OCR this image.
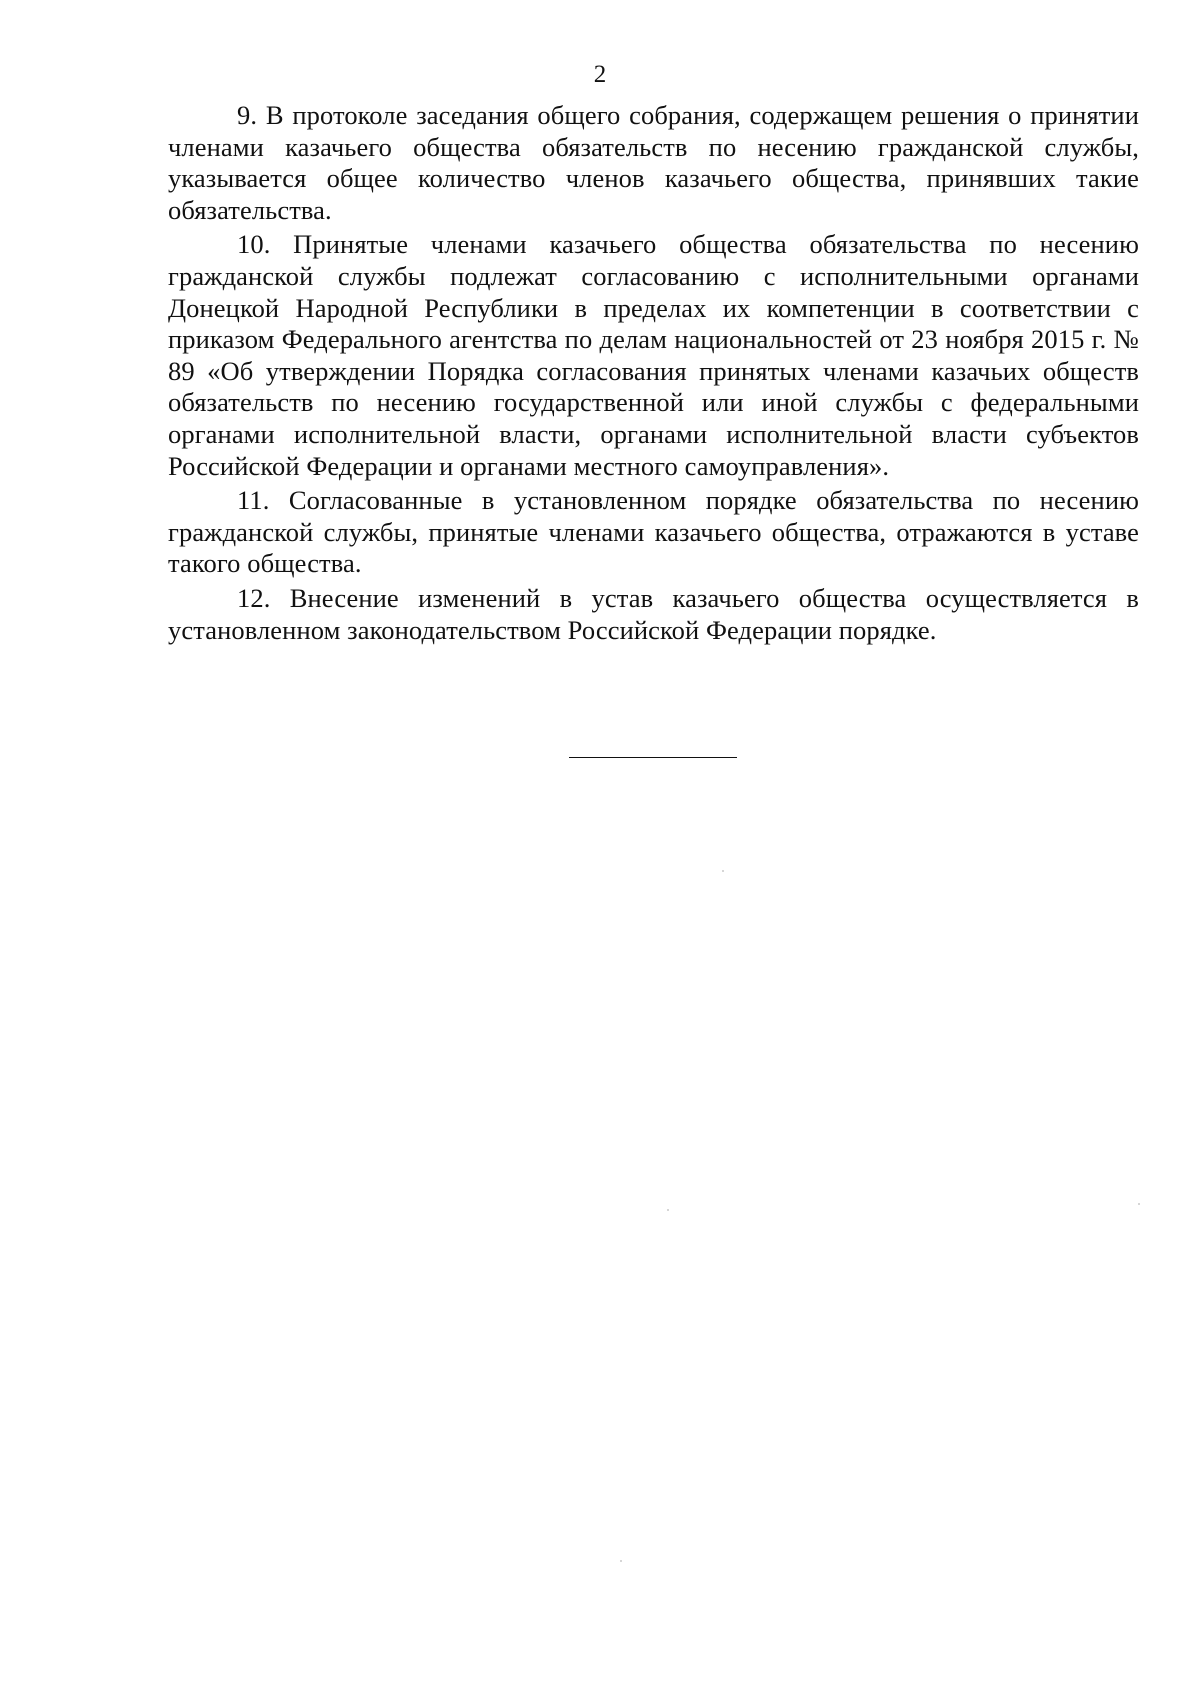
2

9. В протоколе заседания общего собрания, содержащем решения о принятии членами казачьего общества обязательств по несению гражданской службы, указывается общее количество членов казачьего общества, принявших такие обязательства.

10. Принятые членами казачьего общества обязательства по несению гражданской службы подлежат согласованию с исполнительными органами Донецкой Народной Республики в пределах их компетенции в соответствии с приказом Федерального агентства по делам национальностей от 23 ноября 2015 г. № 89 «Об утверждении Порядка согласования принятых членами казачьих обществ обязательств по несению государственной или иной службы с федеральными органами исполнительной власти, органами исполнительной власти субъектов Российской Федерации и органами местного самоуправления».

11. Согласованные в установленном порядке обязательства по несению гражданской службы, принятые членами казачьего общества, отражаются в уставе такого общества.

12. Внесение изменений в устав казачьего общества осуществляется в установленном законодательством Российской Федерации порядке.
